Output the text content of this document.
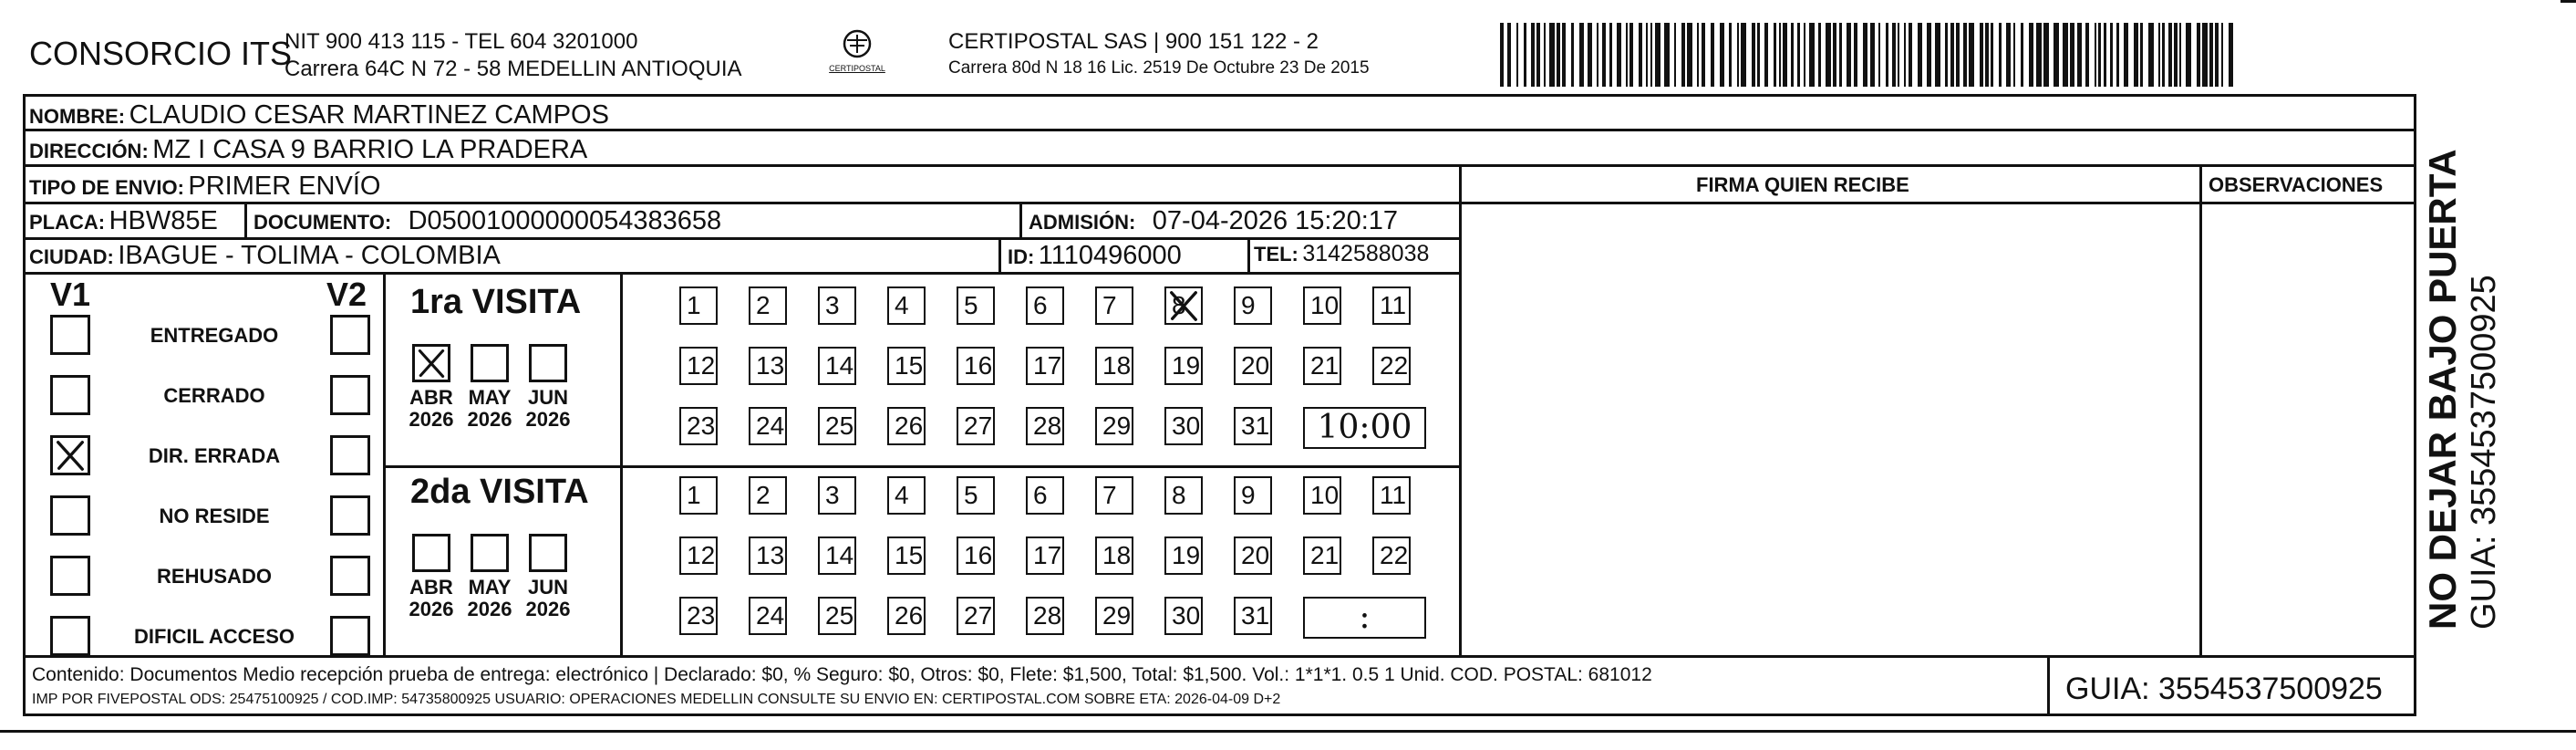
CONSORCIO ITS
NIT 900 413 115 - TEL 604 3201000
Carrera 64C N 72 - 58 MEDELLIN ANTIOQUIA	CERTIPOSTAL
CERTIPOSTAL SAS | 900 151 122 - 2
Carrera 80d N 18 16 Lic. 2519 De Octubre 23 De 2015
NOMBRE: CLAUDIO CESAR MARTINEZ CAMPOS
DIRECCIÓN: MZ I CASA 9 BARRIO LA PRADERA
TIPO DE ENVIO: PRIMER ENVÍO	FIRMA QUIEN RECIBE	OBSERVACIONES
PLACA: HBW85E DOCUMENTO: D05001000000054383658	ADMISIÓN: 07-04-2026 15:20:17
CIUDAD: IBAGUE - TOLIMA - COLOMBIA	ID: 1110496000	TEL: 3142588038
V1	V2
ENTREGADO
CERRADO
DIR. ERRADA
NO RESIDE
REHUSADO
DIFICIL ACCESO
1ra VISITA
2da VISITA
ABR
2026
MAY
2026
JUN
2026
1	2	3	4	5	6	7	8	9	10 11
12 13 14 15 16 17 18 19 20 21 22
23 24 25 26 27 28 29 30 31	10:00
ABR
2026
MAY
2026
JUN
2026
1	2	3	4	5	6	7	8	9	10 11
12 13 14 15 16 17 18 19 20 21 22
23 24 25 26 27 28 29 30 31	:
Contenido: Documentos Medio recepción prueba de entrega: electrónico | Declarado: $0, % Seguro: $0, Otros: $0, Flete: $1,500, Total: $1,500. Vol.: 1*1*1. 0.5 1 Unid. COD. POSTAL: 681012
IMP POR FIVEPOSTAL ODS: 25475100925 / COD.IMP: 54735800925 USUARIO: OPERACIONES MEDELLIN CONSULTE SU ENVIO EN: CERTIPOSTAL.COM SOBRE ETA: 2026-04-09 D+2	GUIA: 3554537500925
NO DEJAR BAJO PUERTA GUIA: 3554537500925
